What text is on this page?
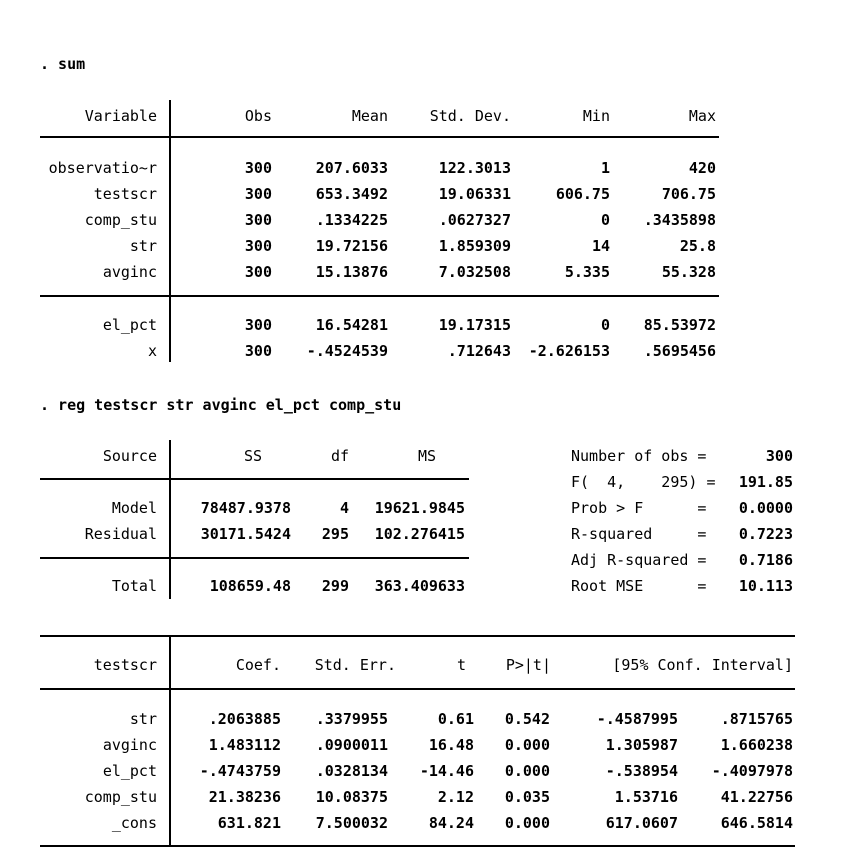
. sum
. reg testscr str avginc el_pct comp_stu
Variable	Obs	Mean	Std. Dev.	Min	Max
observatio~r	300	207.6033	122.3013	1	420
testscr	300	653.3492	19.06331	606.75	706.75
comp_stu	300	.1334225	.0627327	0	.3435898
str	300	19.72156	1.859309	14	25.8
avginc	300	15.13876	7.032508	5.335	55.328
el_pct	300	16.54281	19.17315	0	85.53972
x	300	-.4524539	.712643	-2.626153	.5695456
Source	SS	df	MS
Model	78487.9378	4	19621.9845
Residual	30171.5424	295	102.276415
Total	108659.48	299	363.409633
Number of obs =	300
F(  4,    295) =	191.85
Prob > F      =	0.0000
R-squared     =	0.7223
Adj R-squared =	0.7186
Root MSE      =	10.113
testscr	Coef.	Std. Err.	t	P>|t|	[95% Conf. Interval]
str	.2063885	.3379955	0.61	0.542	-.4587995	.8715765
avginc	1.483112	.0900011	16.48	0.000	1.305987	1.660238
el_pct	-.4743759	.0328134	-14.46	0.000	-.538954	-.4097978
comp_stu	21.38236	10.08375	2.12	0.035	1.53716	41.22756
_cons	631.821	7.500032	84.24	0.000	617.0607	646.5814
